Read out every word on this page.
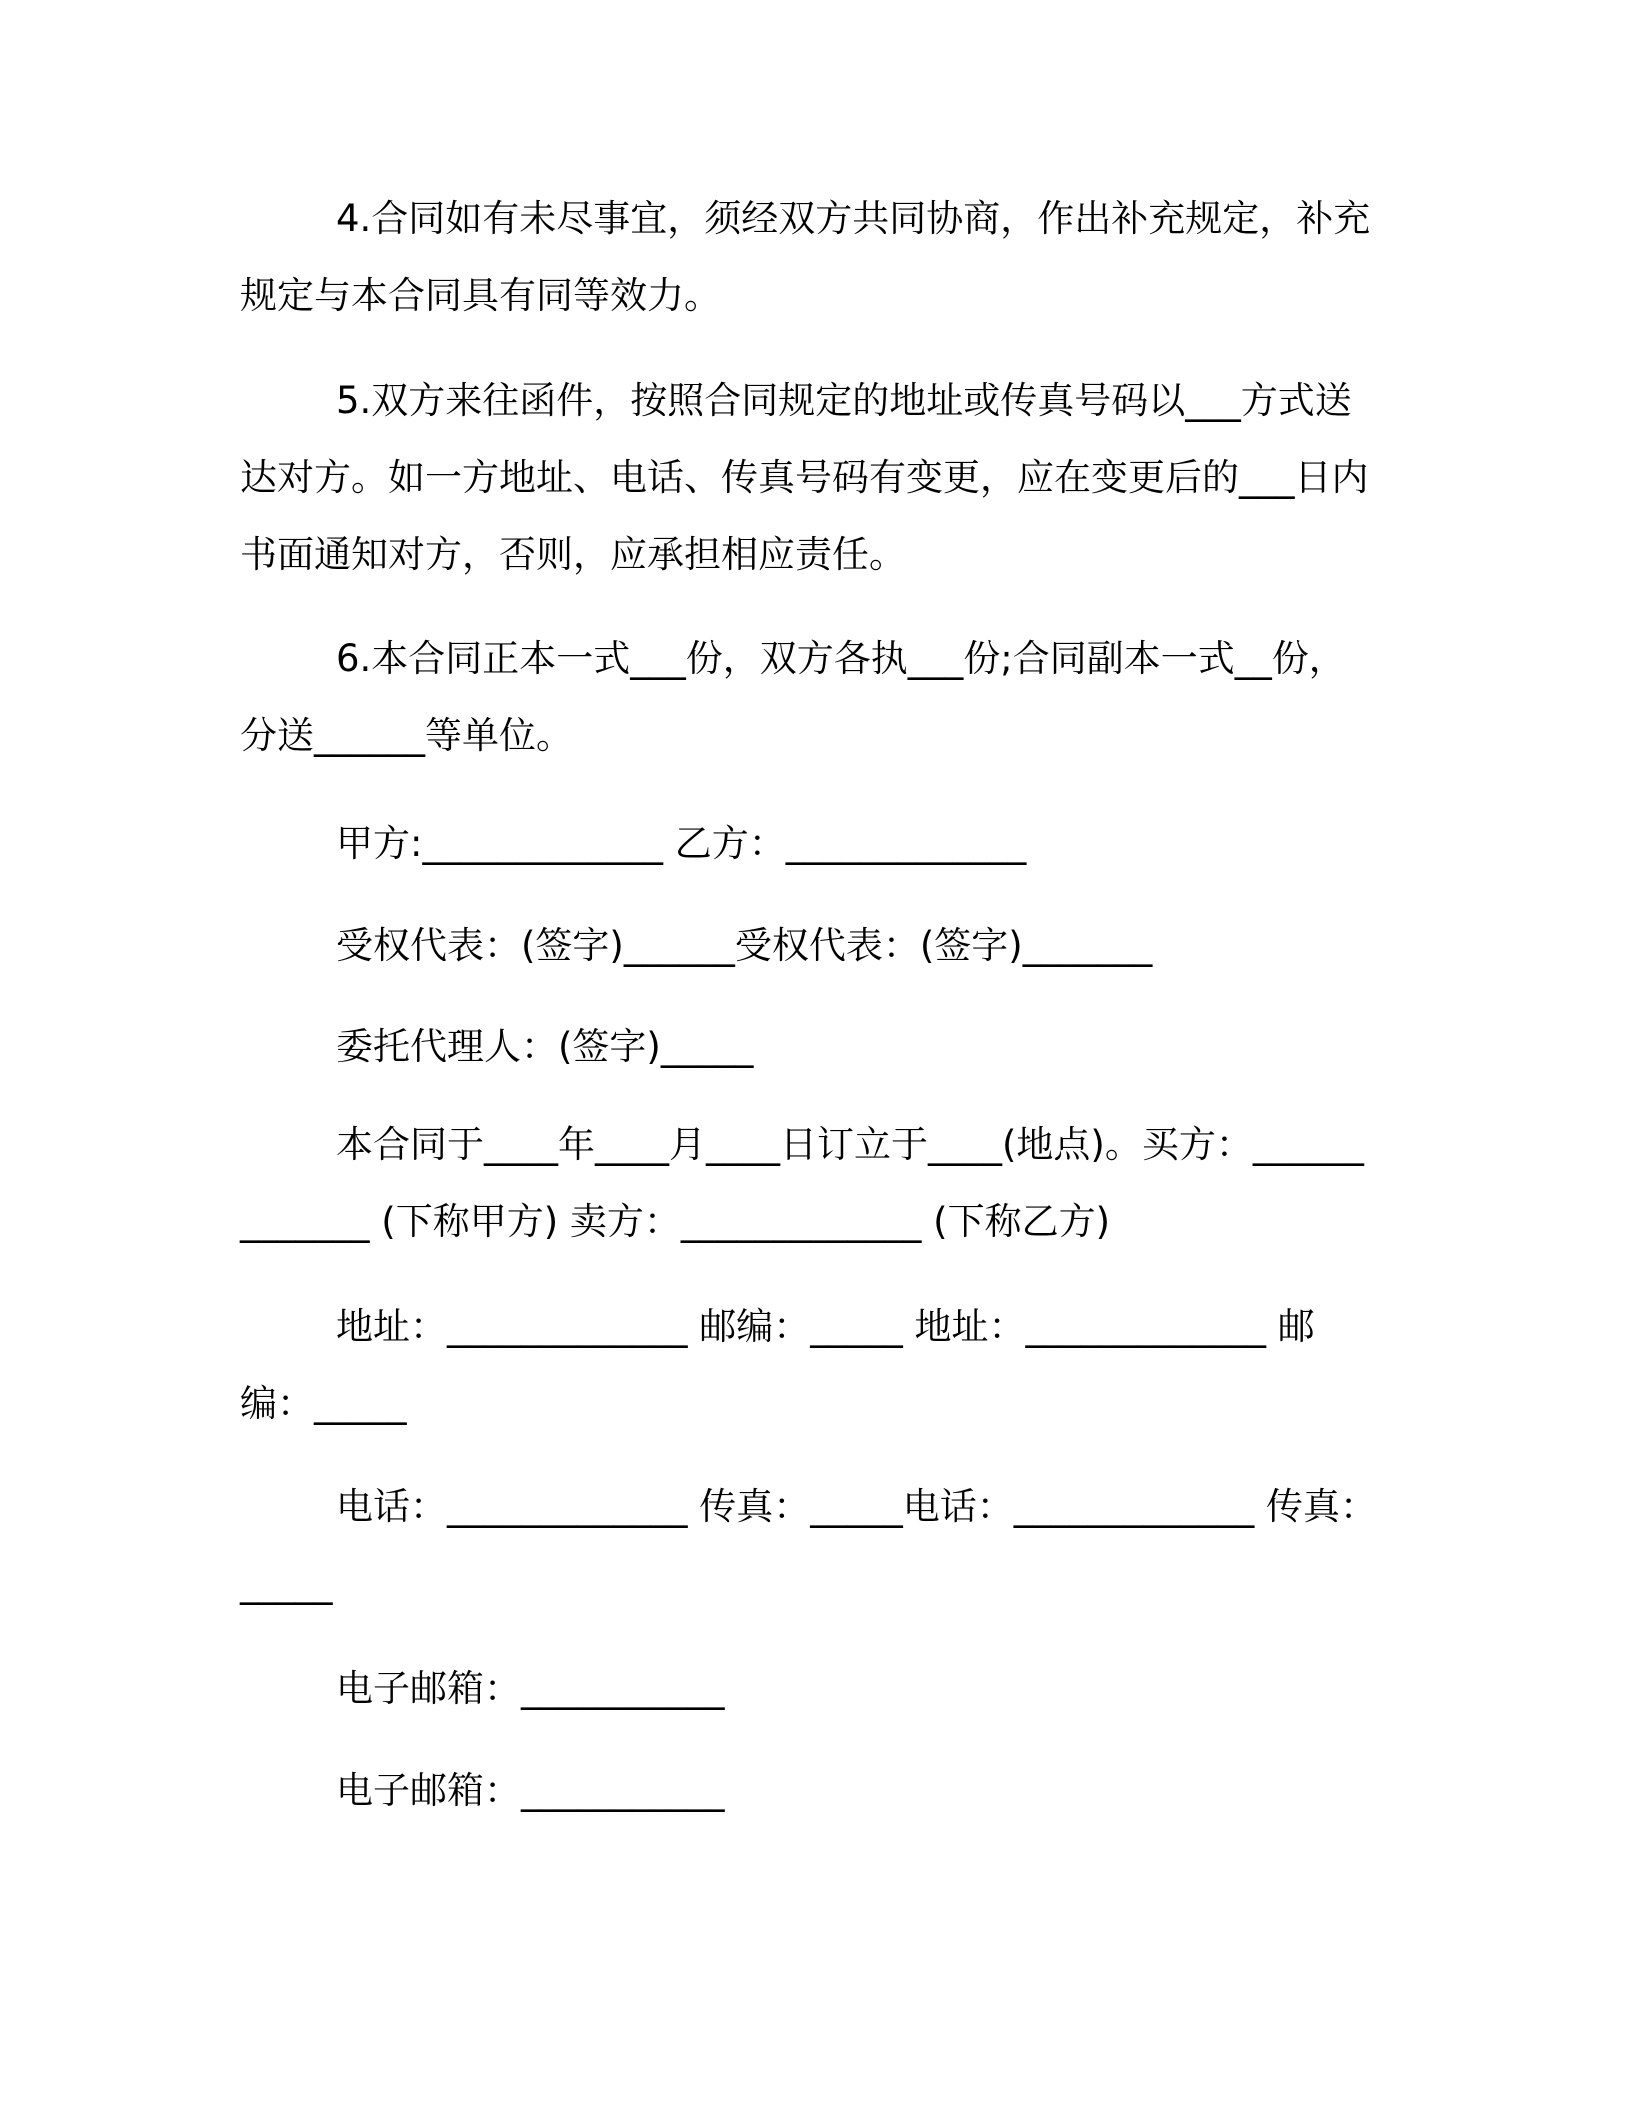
4.合同如有未尽事宜，须经双方共同协商，作出补充规定，补充规定与本合同具有同等效力。

5.双方来往函件，按照合同规定的地址或传真号码以___方式送达对方。如一方地址、电话、传真号码有变更，应在变更后的___日内书面通知对方，否则，应承担相应责任。

6.本合同正本一式___份，双方各执___份;合同副本一式__份，分送______等单位。

甲方:_____________ 乙方：_____________
受权代表：(签字)______受权代表：(签字)_______
委托代理人：(签字)_____

本合同于____年____月____日订立于____(地点)。买方：_____________ (下称甲方) 卖方：_____________ (下称乙方)

地址：_____________ 邮编：_____ 地址：_____________ 邮编：_____

电话：_____________ 传真：_____电话：_____________ 传真：_____

电子邮箱：___________
电子邮箱：___________
